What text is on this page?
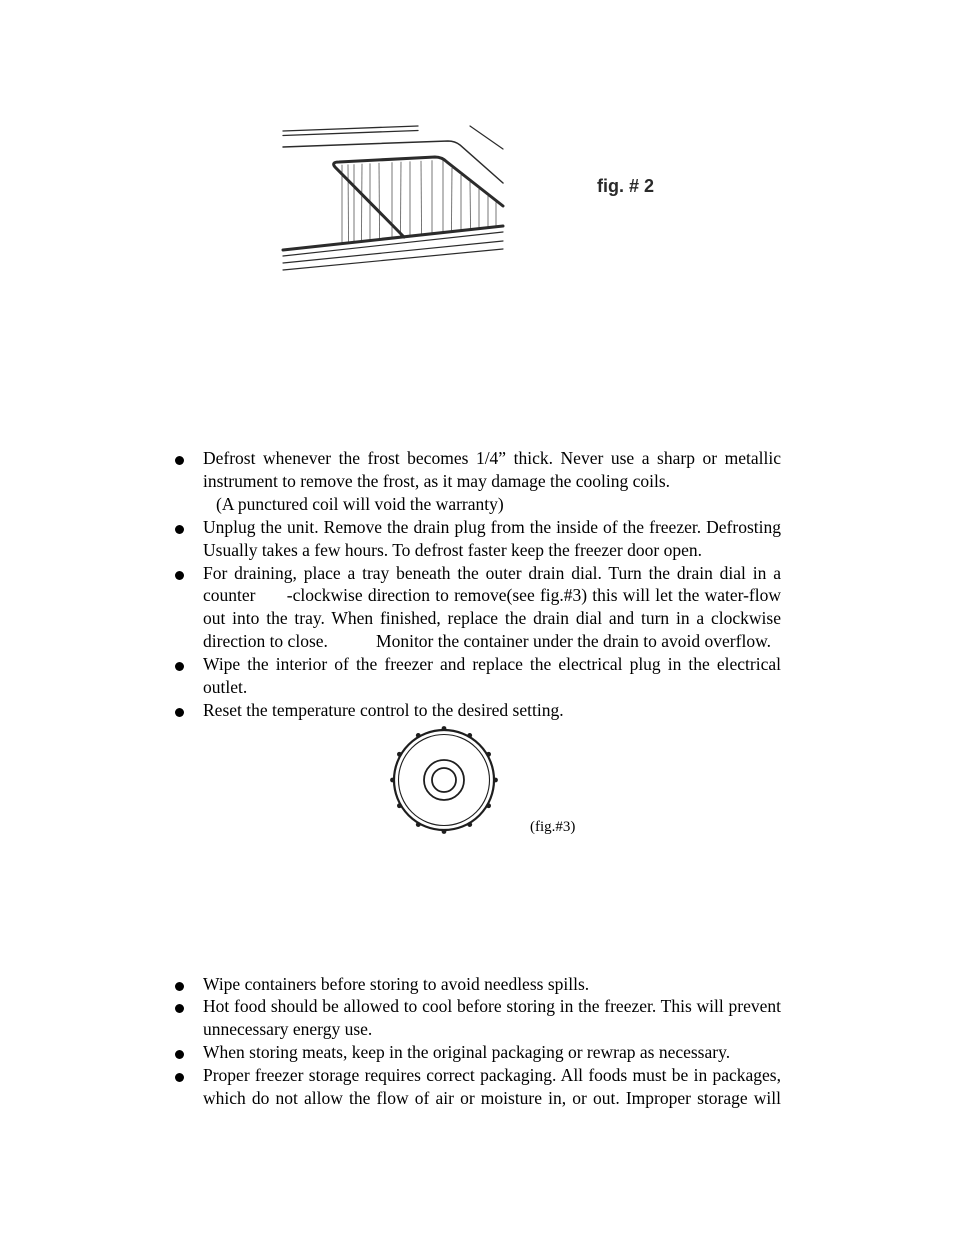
fig. # 2
Defrost whenever the frost becomes 1/4” thick. Never use a sharp or metallic
instrument to remove the frost, as it may damage the cooling coils.
(A punctured coil will void the warranty)
Unplug the unit. Remove the drain plug from the inside of the freezer. Defrosting
Usually takes a few hours. To defrost faster keep the freezer door open.
For draining, place a tray beneath the outer drain dial. Turn the drain dial in a
counter      -clockwise direction to remove(see fig.#3) this will let the water-flow
out into the tray. When finished, replace the drain dial and turn in a clockwise
direction to close.           Monitor the container under the drain to avoid overflow.
Wipe the interior of the freezer and replace the electrical plug in the electrical
outlet.
Reset the temperature control to the desired setting.
(fig.#3)
Wipe containers before storing to avoid needless spills.
Hot food should be allowed to cool before storing in the freezer. This will prevent
unnecessary energy use.
When storing meats, keep in the original packaging or rewrap as necessary.
Proper freezer storage requires correct packaging. All foods must be in packages,
which do not allow the flow of air or moisture in, or out. Improper storage will
